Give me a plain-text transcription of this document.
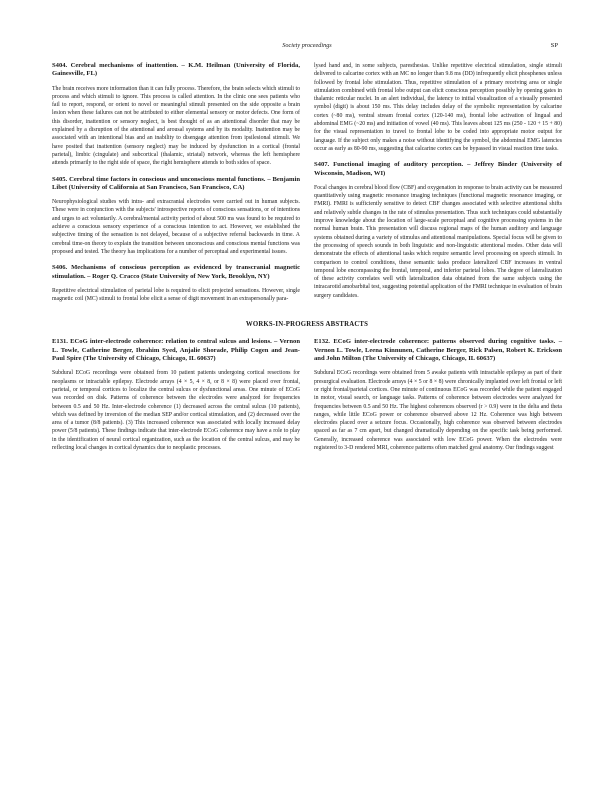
Society proceedings	SP

S404. Cerebral mechanisms of inattention. – K.M. Heilman (University of Florida, Gainesville, FL)

The brain receives more information than it can fully process. Therefore, the brain selects which stimuli to process and which stimuli to ignore. This process is called attention. In the clinic one sees patients who fail to report, respond, or orient to novel or meaningful stimuli presented on the side opposite a brain lesion when these failures can not be attributed to either elemental sensory or motor defects. One form of this disorder, inattention or sensory neglect, is best thought of as an attentional disorder that may be explained by a disruption of the attentional and arousal systems and by its modality. Inattention may be associated with an intentional bias and an inability to disengage attention from ipsilesional stimuli. We have posited that inattention (sensory neglect) may be induced by dysfunction in a cortical (frontal parietal), limbic (cingulate) and subcortical (thalamic, striatal) network, whereas the left hemisphere attends primarily to the right side of space, the right hemisphere attends to both sides of space.

S405. Cerebral time factors in conscious and unconscious mental functions. – Benjamin Libet (University of California at San Francisco, San Francisco, CA)

Neurophysiological studies with intra- and extracranial electrodes were carried out in human subjects. These were in conjunction with the subjects' introspective reports of conscious sensations, or of intentions and urges to act voluntarily. A cerebral/mental activity period of about 500 ms was found to be required to achieve a conscious sensory experience of a conscious intention to act. However, we established the subjective timing of the sensation is not delayed, because of a subjective referral backwards in time. A cerebral time-on theory to explain the transition between unconscious and conscious mental functions was proposed and tested. The theory has implications for a number of perceptual and experimental issues.

S406. Mechanisms of conscious perception as evidenced by transcranial magnetic stimulation. – Roger Q. Cracco (State University of New York, Brooklyn, NY)

Repetitive electrical stimulation of parietal lobe is required to elicit projected sensations. However, single magnetic coil (MC) stimuli to frontal lobe elicit a sense of digit movement in an extrapersonally para-

lysed hand and, in some subjects, paresthesias. Unlike repetitive electrical stimulation, single stimuli delivered to calcarine cortex with an MC no longer than 9.8 ms (DD) infrequently elicit phosphenes unless followed by frontal lobe stimulation. Thus, repetitive stimulation of a primary receiving area or single stimulation combined with frontal lobe output can elicit conscious perception possibly by opening gates in thalamic reticular nuclei. In an alert individual, the latency to initial visualization of a visually presented symbol (digit) is about 150 ms. This delay includes delay of the symbolic representation by calcarine cortex (~80 ms), ventral stream frontal cortex (120-140 ms), frontal lobe activation of lingual and abdominal EMG (~20 ms) and initiation of vowel (40 ms). This leaves about 125 ms (250 - 120 + 15 + 80) for the visual representation to travel to frontal lobe to be coded into appropriate motor output for language. If the subject only makes a noise without identifying the symbol, the abdominal EMG latencies occur as early as 80-90 ms, suggesting that calcarine cortex can be bypassed in visual reaction time tasks.

S407. Functional imaging of auditory perception. – Jeffrey Binder (University of Wisconsin, Madison, WI)

Focal changes in cerebral blood flow (CBF) and oxygenation in response to brain activity can be measured quantitatively using magnetic resonance imaging techniques (functional magnetic resonance imaging, or FMRI). FMRI is sufficiently sensitive to detect CBF changes associated with selective attentional shifts and relatively subtle changes in the rate of stimulus presentation. Thus such techniques could substantially improve knowledge about the location of large-scale perceptual and cognitive processing systems in the normal human brain. This presentation will discuss regional maps of the human auditory and language systems obtained during a variety of stimulus and attentional manipulations. Special focus will be given to the processing of speech sounds in both linguistic and non-linguistic attentional modes. Other data will demonstrate the effects of attentional tasks which require semantic level processing on speech stimuli. In comparison to control conditions, these semantic tasks produce lateralized CBF increases in ventral temporal lobe encompassing the frontal, temporal, and inferior parietal lobes. The degree of lateralization of these activity correlates well with lateralization data obtained from the same subjects using the intracarotid amobarbital test, suggesting potential application of the FMRI technique in evaluation of brain surgery candidates.

WORKS-IN-PROGRESS ABSTRACTS

E131. ECoG inter-electrode coherence: relation to central sulcus and lesions. – Vernon L. Towle, Catherine Berger, Ibrahim Syed, Anjalie Shorade, Philip Cogen and Jean-Paul Spire (The University of Chicago, Chicago, IL 60637)

Subdural ECoG recordings were obtained from 10 patient patients undergoing cortical resections for neoplasms or intractable epilepsy. Electrode arrays (4 × 5, 4 × 8, or 8 × 8) were placed over frontal, parietal, or temporal cortices to localize the central sulcus or dysfunctional areas. One minute of ECoG was recorded on disk. Patterns of coherence between the electrodes were analyzed for frequencies between 0.5 and 50 Hz. Inter-electrode coherence (1) decreased across the central sulcus (10 patients), which was defined by inversion of the median SEP and/or cortical stimulation, and (2) decreased over the area of a tumor (8/8 patients). (3) This increased coherence was associated with locally increased delay power (5/8 patients). These findings indicate that inter-electrode ECoG coherence may have a role to play in the identification of neural cortical organization, such as the location of the central sulcus, and may be reflecting local changes in cortical dynamics due to neoplastic processes.

E132. ECoG inter-electrode coherence: patterns observed during cognitive tasks. – Vernon L. Towle, Leena Kinnunen, Catherine Berger, Rick Palsen, Robert K. Erickson and John Milton (The University of Chicago, Chicago, IL 60637)

Subdural ECoG recordings were obtained from 5 awake patients with intractable epilepsy as part of their presurgical evaluation. Electrode arrays (4 × 5 or 8 × 8) were chronically implanted over left frontal or left or right frontal/parietal cortices. One minute of continuous ECoG was recorded while the patient engaged in motor, visual search, or language tasks. Patterns of coherence between electrodes were analyzed for frequencies between 0.5 and 50 Hz. The highest coherences observed (r > 0.9) were in the delta and theta ranges, while little ECoG power or coherence observed above 12 Hz. Coherence was high between electrodes placed over a seizure focus. Occasionally, high coherence was observed between electrodes spaced as far as 7 cm apart, but changed dramatically depending on the specific task being performed. Generally, increased coherence was associated with low ECoG power. When the electrodes were registered to 3-D rendered MRI, coherence patterns often matched gyral anatomy. Our findings suggest
